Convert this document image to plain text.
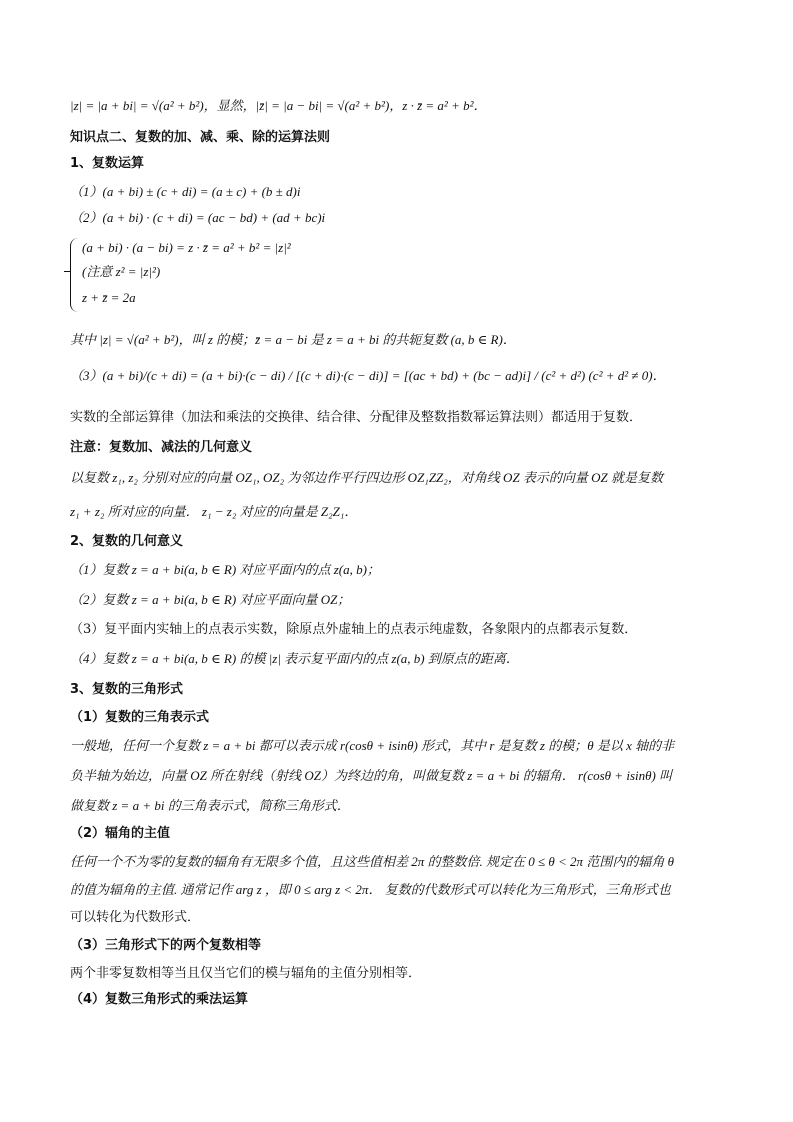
|z| = |a + bi| = √(a² + b²)，显然，|z̄| = |a − bi| = √(a² + b²)，z · z̄ = a² + b²．
知识点二、复数的加、减、乘、除的运算法则
1、复数运算
（1）(a + bi) ± (c + di) = (a ± c) + (b ± d)i
（2）(a + bi) · (c + di) = (ac − bd) + (ad + bc)i
(a + bi) · (a − bi) = z · z̄ = a² + b² = |z|²
(注意 z² = |z|²)
z + z̄ = 2a
其中 |z| = √(a² + b²)，叫 z 的模；z̄ = a − bi 是 z = a + bi 的共轭复数 (a, b ∈ R)．
（3）(a + bi)/(c + di) = (a + bi)·(c − di) / [(c + di)·(c − di)] = [(ac + bd) + (bc − ad)i] / (c² + d²) (c² + d² ≠ 0)．
实数的全部运算律（加法和乘法的交换律、结合律、分配律及整数指数幂运算法则）都适用于复数．
注意：复数加、减法的几何意义
以复数 z₁, z₂ 分别对应的向量 OZ₁, OZ₂ 为邻边作平行四边形 OZ₁ZZ₂，对角线 OZ 表示的向量 OZ 就是复数
z₁ + z₂ 所对应的向量． z₁ − z₂ 对应的向量是 Z₂Z₁．
2、复数的几何意义
（1）复数 z = a + bi(a, b ∈ R) 对应平面内的点 z(a, b)；
（2）复数 z = a + bi(a, b ∈ R) 对应平面向量 OZ；
（3）复平面内实轴上的点表示实数，除原点外虚轴上的点表示纯虚数，各象限内的点都表示复数．
（4）复数 z = a + bi(a, b ∈ R) 的模 |z| 表示复平面内的点 z(a, b) 到原点的距离．
3、复数的三角形式
（1）复数的三角表示式
一般地，任何一个复数 z = a + bi 都可以表示成 r(cosθ + isinθ) 形式，其中 r 是复数 z 的模；θ 是以 x 轴的非
负半轴为始边，向量 OZ 所在射线（射线 OZ）为终边的角，叫做复数 z = a + bi 的辐角． r(cosθ + isinθ) 叫
做复数 z = a + bi 的三角表示式，简称三角形式．
（2）辐角的主值
任何一个不为零的复数的辐角有无限多个值，且这些值相差 2π 的整数倍. 规定在 0 ≤ θ < 2π 范围内的辐角 θ
的值为辐角的主值. 通常记作 arg z ，即 0 ≤ arg z < 2π． 复数的代数形式可以转化为三角形式，三角形式也
可以转化为代数形式．
（3）三角形式下的两个复数相等
两个非零复数相等当且仅当它们的模与辐角的主值分别相等．
（4）复数三角形式的乘法运算
